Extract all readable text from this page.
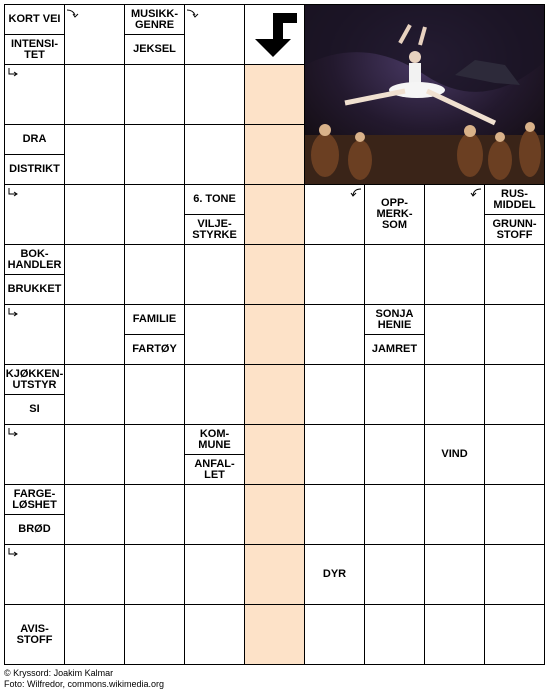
KORT VEI
INTENSI-TET
MUSIKK-GENRE
JEKSEL
DRA
DISTRIKT
6. TONE
VILJE-STYRKE
OPP-MERK-SOM
RUS-MIDDEL
GRUNN-STOFF
BOK-HANDLER
BRUKKET
FAMILIE
FARTØY
SONJA HENIE
JAMRET
KJØKKEN-UTSTYR
SI
KOM-MUNE
ANFAL-LET
VIND
FARGE-LØSHET
BRØD
DYR
AVIS-STOFF
© Kryssord: Joakim Kalmar
Foto: Wilfredor, commons.wikimedia.org
